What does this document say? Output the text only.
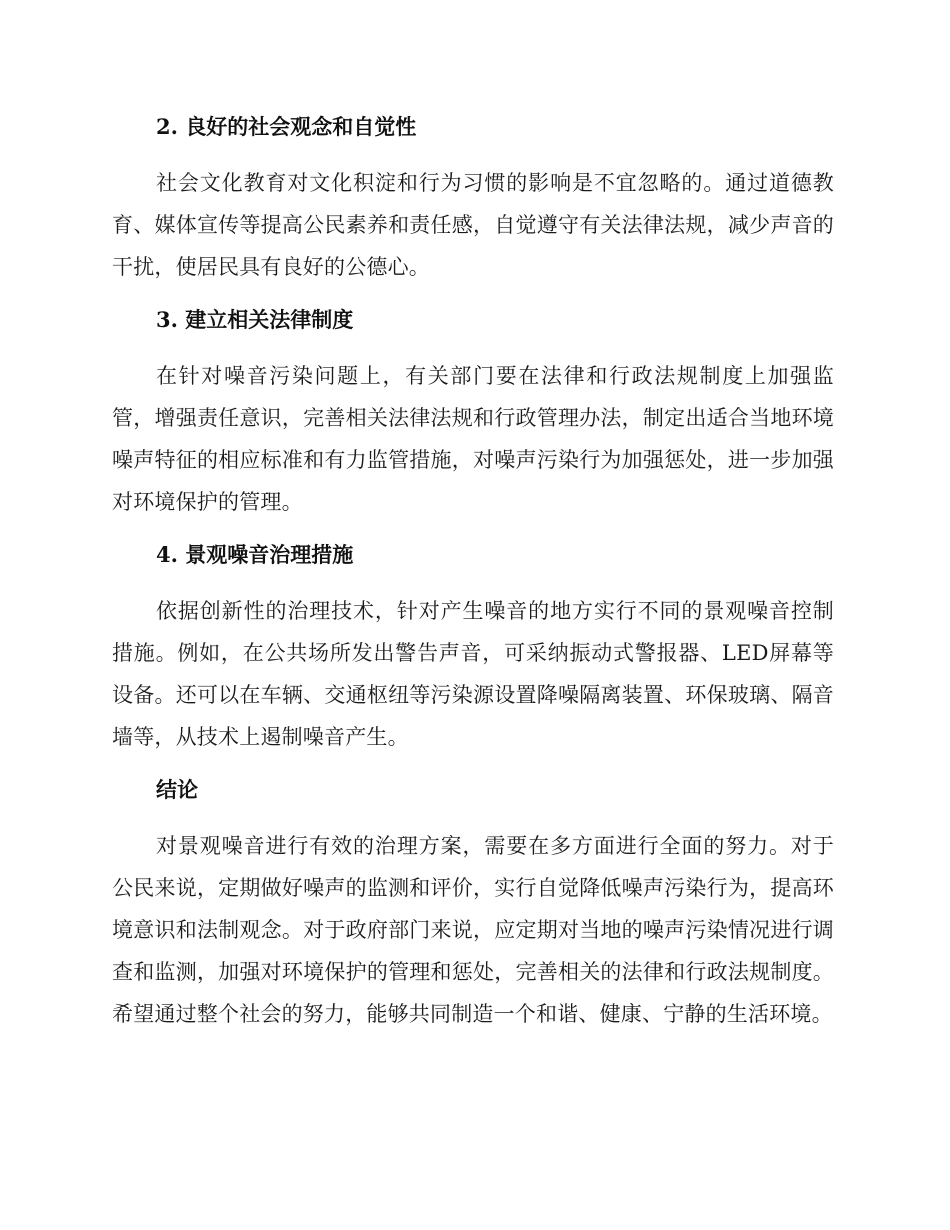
2. 良好的社会观念和自觉性

社会文化教育对文化积淀和行为习惯的影响是不宜忽略的。通过道德教育、媒体宣传等提高公民素养和责任感，自觉遵守有关法律法规，减少声音的干扰，使居民具有良好的公德心。

3. 建立相关法律制度

在针对噪音污染问题上，有关部门要在法律和行政法规制度上加强监管，增强责任意识，完善相关法律法规和行政管理办法，制定出适合当地环境噪声特征的相应标准和有力监管措施，对噪声污染行为加强惩处，进一步加强对环境保护的管理。

4. 景观噪音治理措施

依据创新性的治理技术，针对产生噪音的地方实行不同的景观噪音控制措施。例如，在公共场所发出警告声音，可采纳振动式警报器、LED屏幕等设备。还可以在车辆、交通枢纽等污染源设置降噪隔离装置、环保玻璃、隔音墙等，从技术上遏制噪音产生。

结论

对景观噪音进行有效的治理方案，需要在多方面进行全面的努力。对于公民来说，定期做好噪声的监测和评价，实行自觉降低噪声污染行为，提高环境意识和法制观念。对于政府部门来说，应定期对当地的噪声污染情况进行调查和监测，加强对环境保护的管理和惩处，完善相关的法律和行政法规制度。希望通过整个社会的努力，能够共同制造一个和谐、健康、宁静的生活环境。
